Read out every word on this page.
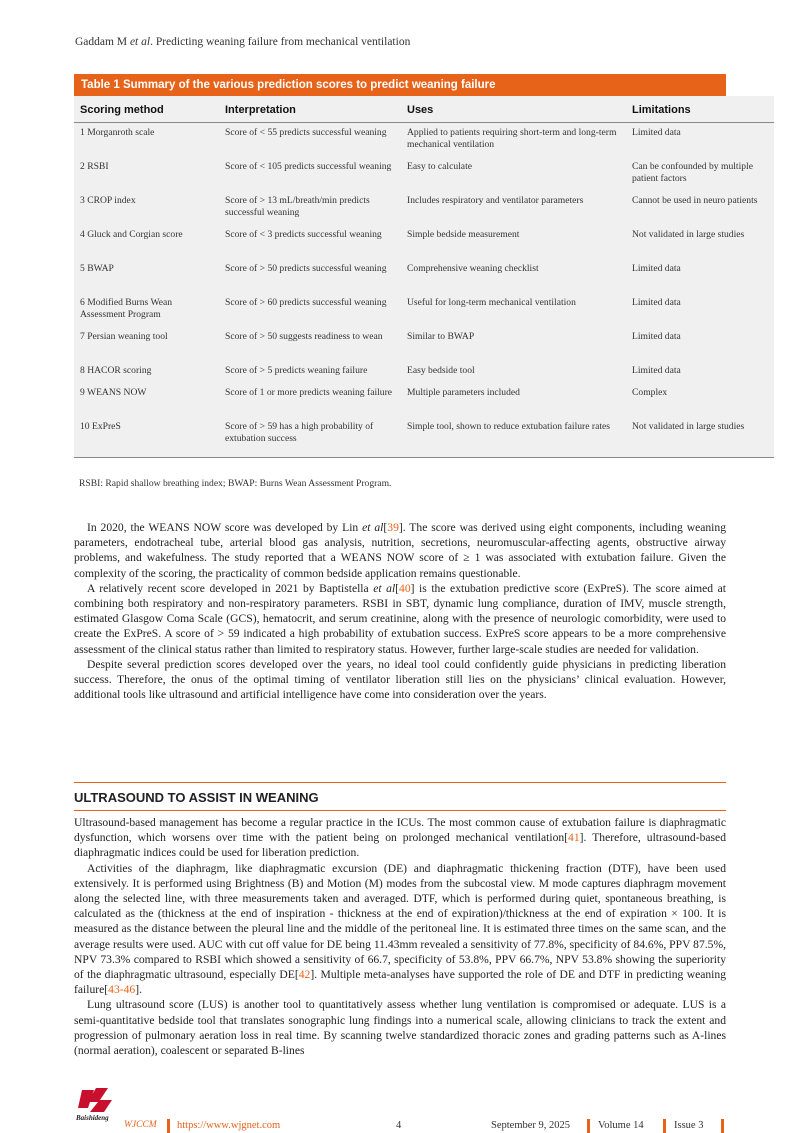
Gaddam M et al. Predicting weaning failure from mechanical ventilation
Table 1 Summary of the various prediction scores to predict weaning failure
Scoring method	Interpretation	Uses	Limitations
1 Morganroth scale	Score of < 55 predicts successful weaning	Applied to patients requiring short-term and long-term mechanical ventilation	Limited data
2 RSBI	Score of < 105 predicts successful weaning	Easy to calculate	Can be confounded by multiple patient factors
3 CROP index	Score of > 13 mL/breath/min predicts successful weaning	Includes respiratory and ventilator parameters	Cannot be used in neuro patients
4 Gluck and Corgian score	Score of < 3 predicts successful weaning	Simple bedside measurement	Not validated in large studies
5 BWAP	Score of > 50 predicts successful weaning	Comprehensive weaning checklist	Limited data
6 Modified Burns Wean Assessment Program	Score of > 60 predicts successful weaning	Useful for long-term mechanical ventilation	Limited data
7 Persian weaning tool	Score of > 50 suggests readiness to wean	Similar to BWAP	Limited data
8 HACOR scoring	Score of > 5 predicts weaning failure	Easy bedside tool	Limited data
9 WEANS NOW	Score of 1 or more predicts weaning failure	Multiple parameters included	Complex
10 ExPreS	Score of > 59 has a high probability of extubation success	Simple tool, shown to reduce extubation failure rates	Not validated in large studies
RSBI: Rapid shallow breathing index; BWAP: Burns Wean Assessment Program.

In 2020, the WEANS NOW score was developed by Lin et al[39]. The score was derived using eight components, including weaning parameters, endotracheal tube, arterial blood gas analysis, nutrition, secretions, neuromuscular-affecting agents, obstructive airway problems, and wakefulness. The study reported that a WEANS NOW score of ≥ 1 was associated with extubation failure. Given the complexity of the scoring, the practicality of common bedside application remains questionable.

A relatively recent score developed in 2021 by Baptistella et al[40] is the extubation predictive score (ExPreS). The score aimed at combining both respiratory and non-respiratory parameters. RSBI in SBT, dynamic lung compliance, duration of IMV, muscle strength, estimated Glasgow Coma Scale (GCS), hematocrit, and serum creatinine, along with the presence of neurologic comorbidity, were used to create the ExPreS. A score of > 59 indicated a high probability of extubation success. ExPreS score appears to be a more comprehensive assessment of the clinical status rather than limited to respiratory status. However, further large-scale studies are needed for validation.

Despite several prediction scores developed over the years, no ideal tool could confidently guide physicians in predicting liberation success. Therefore, the onus of the optimal timing of ventilator liberation still lies on the physicians’ clinical evaluation. However, additional tools like ultrasound and artificial intelligence have come into consideration over the years.

ULTRASOUND TO ASSIST IN WEANING

Ultrasound-based management has become a regular practice in the ICUs. The most common cause of extubation failure is diaphragmatic dysfunction, which worsens over time with the patient being on prolonged mechanical ventilation[41]. Therefore, ultrasound-based diaphragmatic indices could be used for liberation prediction.

Activities of the diaphragm, like diaphragmatic excursion (DE) and diaphragmatic thickening fraction (DTF), have been used extensively. It is performed using Brightness (B) and Motion (M) modes from the subcostal view. M mode captures diaphragm movement along the selected line, with three measurements taken and averaged. DTF, which is performed during quiet, spontaneous breathing, is calculated as the (thickness at the end of inspiration - thickness at the end of expiration)/thickness at the end of expiration × 100. It is measured as the distance between the pleural line and the middle of the peritoneal line. It is estimated three times on the same scan, and the average results were used. AUC with cut off value for DE being 11.43mm revealed a sensitivity of 77.8%, specificity of 84.6%, PPV 87.5%, NPV 73.3% compared to RSBI which showed a sensitivity of 66.7, specificity of 53.8%, PPV 66.7%, NPV 53.8% showing the superiority of the diaphragmatic ultrasound, especially DE[42]. Multiple meta-analyses have supported the role of DE and DTF in predicting weaning failure[43-46].

Lung ultrasound score (LUS) is another tool to quantitatively assess whether lung ventilation is compromised or adequate. LUS is a semi-quantitative bedside tool that translates sonographic lung findings into a numerical scale, allowing clinicians to track the extent and progression of pulmonary aeration loss in real time. By scanning twelve standardized thoracic zones and grading patterns such as A-lines (normal aeration), coalescent or separated B-lines

Baishideng
WJCCM https://www.wjgnet.com	4	September 9, 2025	Volume 14	Issue 3
